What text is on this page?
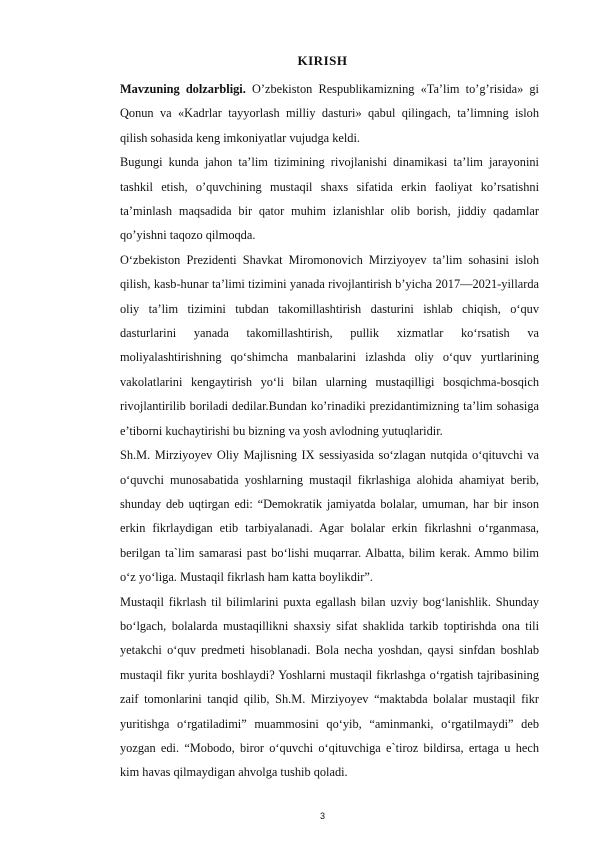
KIRISH

Mavzuning dolzarbligi. O’zbekiston Respublikamizning «Ta’lim to’g’risida» gi Qonun va «Kadrlar tayyorlash milliy dasturi» qabul qilingach, ta’limning isloh qilish sohasida keng imkoniyatlar vujudga keldi.

Bugungi kunda jahon ta’lim tizimining rivojlanishi dinamikasi ta’lim jarayonini tashkil etish, o’quvchining mustaqil shaxs sifatida erkin faoliyat ko’rsatishni ta’minlash maqsadida bir qator muhim izlanishlar olib borish, jiddiy qadamlar qo’yishni taqozo qilmoqda.

O‘zbekiston Prezidenti Shavkat Miromonovich Mirziyoyev ta’lim sohasini isloh qilish, kasb-hunar ta’limi tizimini yanada rivojlantirish b’yicha 2017—2021-yillarda oliy ta’lim tizimini tubdan takomillashtirish dasturini ishlab chiqish, o‘quv dasturlarini yanada takomillashtirish, pullik xizmatlar ko‘rsatish va moliyalashtirishning qo‘shimcha manbalarini izlashda oliy o‘quv yurtlarining vakolatlarini kengaytirish yo‘li bilan ularning mustaqilligi bosqichma-bosqich rivojlantirilib boriladi dedilar.Bundan ko’rinadiki prezidantimizning ta’lim sohasiga e’tiborni kuchaytirishi bu bizning va yosh avlodning yutuqlaridir.

Sh.M. Mirziyoyev Oliy Majlisning IX sessiyasida so‘zlagan nutqida o‘qituvchi va o‘quvchi munosabatida yoshlarning mustaqil fikrlashiga alohida ahamiyat berib, shunday deb uqtirgan edi: “Demokratik jamiyatda bolalar, umuman, har bir inson erkin fikrlaydigan etib tarbiyalanadi. Agar bolalar erkin fikrlashni o‘rganmasa, berilgan ta`lim samarasi past bo‘lishi muqarrar. Albatta, bilim kerak. Ammo bilim o‘z yo‘liga. Mustaqil fikrlash ham katta boylikdir”.

Mustaqil fikrlash til bilimlarini puxta egallash bilan uzviy bog‘lanishlik. Shunday bo‘lgach, bolalarda mustaqillikni shaxsiy sifat shaklida tarkib toptirishda ona tili yetakchi o‘quv predmeti hisoblanadi. Bola necha yoshdan, qaysi sinfdan boshlab mustaqil fikr yurita boshlaydi? Yoshlarni mustaqil fikrlashga o‘rgatish tajribasining zaif tomonlarini tanqid qilib, Sh.M. Mirziyoyev “maktabda bolalar mustaqil fikr yuritishga o‘rgatiladimi” muammosini qo‘yib, “aminmanki, o‘rgatilmaydi” deb yozgan edi. “Mobodo, biror o‘quvchi o‘qituvchiga e`tiroz bildirsa, ertaga u hech kim havas qilmaydigan ahvolga tushib qoladi.

3
